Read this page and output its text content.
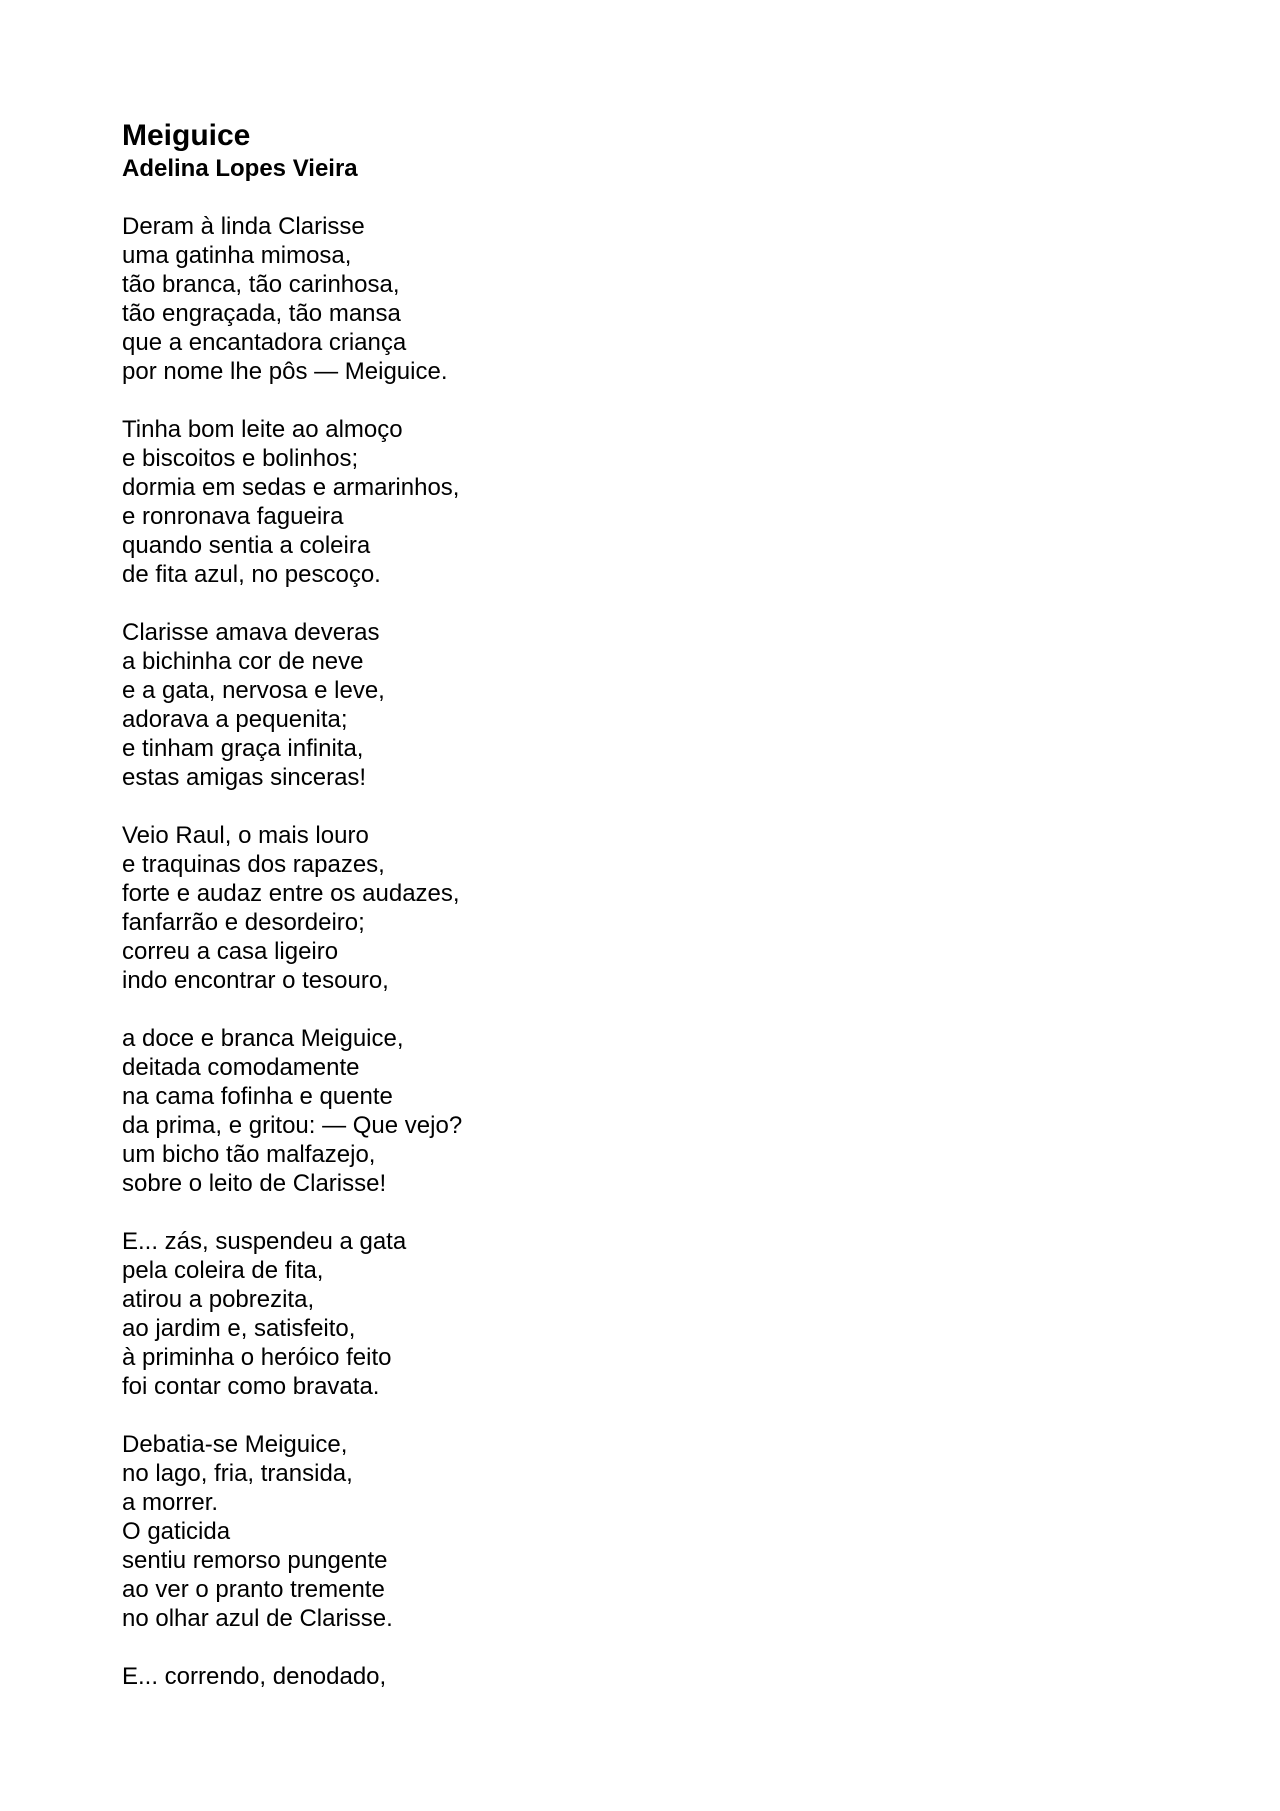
Meiguice
Adelina Lopes Vieira
Deram à linda Clarisse
uma gatinha mimosa,
tão branca, tão carinhosa,
tão engraçada, tão mansa
que a encantadora criança
por nome lhe pôs — Meiguice.
Tinha bom leite ao almoço
e biscoitos e bolinhos;
dormia em sedas e armarinhos,
e ronronava fagueira
quando sentia a coleira
de fita azul, no pescoço.
Clarisse amava deveras
a bichinha cor de neve
e a gata, nervosa e leve,
adorava a pequenita;
e tinham graça infinita,
estas amigas sinceras!
Veio Raul, o mais louro
e traquinas dos rapazes,
forte e audaz entre os audazes,
fanfarrão e desordeiro;
correu a casa ligeiro
indo encontrar o tesouro,
a doce e branca Meiguice,
deitada comodamente
na cama fofinha e quente
da prima, e gritou: — Que vejo?
um bicho tão malfazejo,
sobre o leito de Clarisse!
E... zás, suspendeu a gata
pela coleira de fita,
atirou a pobrezita,
ao jardim e, satisfeito,
à priminha o heróico feito
foi contar como bravata.
Debatia-se Meiguice,
no lago, fria, transida,
a morrer.
O gaticida
sentiu remorso pungente
ao ver o pranto tremente
no olhar azul de Clarisse.
E... correndo, denodado,
